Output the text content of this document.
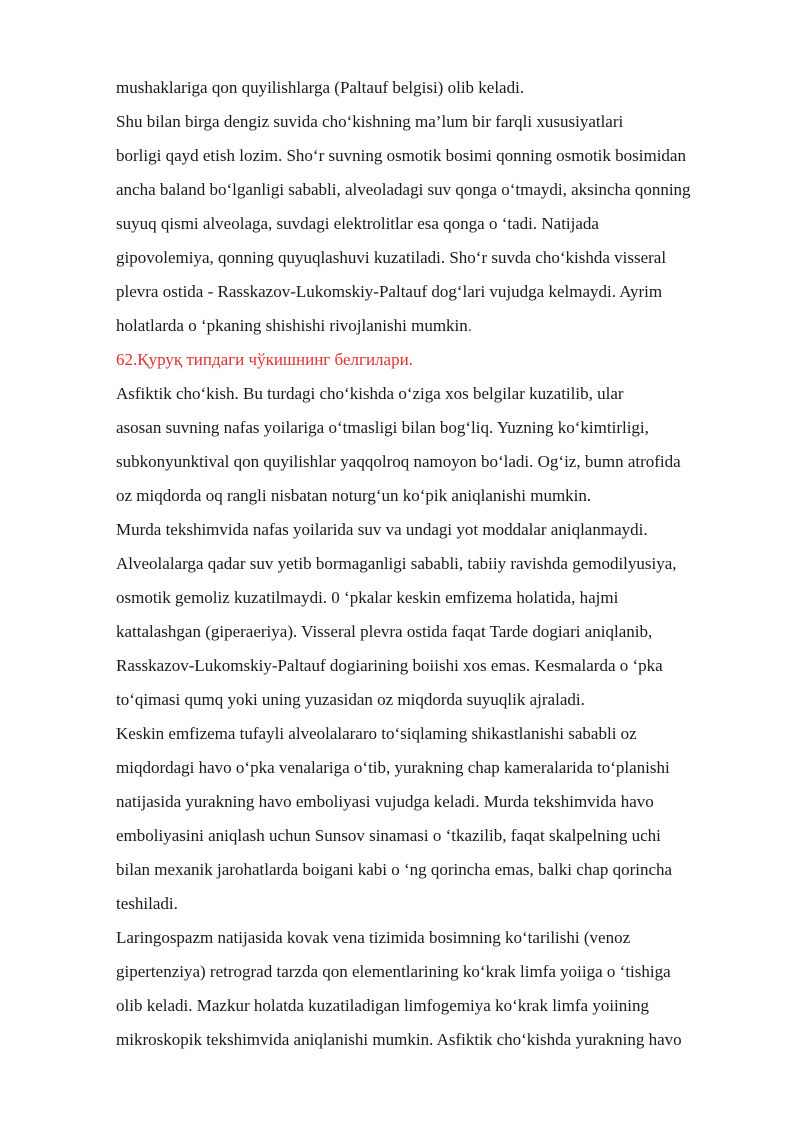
mushaklariga qon quyilishlarga (Paltauf belgisi) olib keladi.
Shu bilan birga dengiz suvida cho‘kishning ma’lum bir farqli xususiyatlari
borligi qayd etish lozim. Sho‘r suvning osmotik bosimi qonning osmotik bosimidan
ancha baland bo‘lganligi sababli, alveoladagi suv qonga o‘tmaydi, aksincha qonning
suyuq qismi alveolaga, suvdagi elektrolitlar esa qonga o ‘tadi. Natijada
gipovolemiya, qonning quyuqlashuvi kuzatiladi. Sho‘r suvda cho‘kishda visseral
plevra ostida - Rasskazov-Lukomskiy-Paltauf dog‘lari vujudga kelmaydi. Ayrim
holatlarda o ‘pkaning shishishi rivojlanishi mumkin.
62.Қуруқ типдаги чўкишнинг белгилари.
Asfiktik cho‘kish. Bu turdagi cho‘kishda o‘ziga xos belgilar kuzatilib, ular
asosan suvning nafas yoilariga o‘tmasligi bilan bog‘liq. Yuzning ko‘kimtirligi,
subkonyunktival qon quyilishlar yaqqolroq namoyon bo‘ladi. Og‘iz, bumn atrofida
oz miqdorda oq rangli nisbatan noturg‘un ko‘pik aniqlanishi mumkin.
Murda tekshimvida nafas yoilarida suv va undagi yot moddalar aniqlanmaydi.
Alveolalarga qadar suv yetib bormaganligi sababli, tabiiy ravishda gemodilyusiya,
osmotik gemoliz kuzatilmaydi. 0 ‘pkalar keskin emfizema holatida, hajmi
kattalashgan (giperaeriya). Visseral plevra ostida faqat Tarde dogiari aniqlanib,
Rasskazov-Lukomskiy-Paltauf dogiarining boiishi xos emas. Kesmalarda o ‘pka
to‘qimasi qumq yoki uning yuzasidan oz miqdorda suyuqlik ajraladi.
Keskin emfizema tufayli alveolalararo to‘siqlaming shikastlanishi sababli oz
miqdordagi havo o‘pka venalariga o‘tib, yurakning chap kameralarida to‘planishi
natijasida yurakning havo emboliyasi vujudga keladi. Murda tekshimvida havo
emboliyasini aniqlash uchun Sunsov sinamasi o ‘tkazilib, faqat skalpelning uchi
bilan mexanik jarohatlarda boigani kabi o ‘ng qorincha emas, balki chap qorincha
teshiladi.
Laringospazm natijasida kovak vena tizimida bosimning ko‘tarilishi (venoz
gipertenziya) retrograd tarzda qon elementlarining ko‘krak limfa yoiiga o ‘tishiga
olib keladi. Mazkur holatda kuzatiladigan limfogemiya ko‘krak limfa yoiining
mikroskopik tekshimvida aniqlanishi mumkin. Asfiktik cho‘kishda yurakning havo
